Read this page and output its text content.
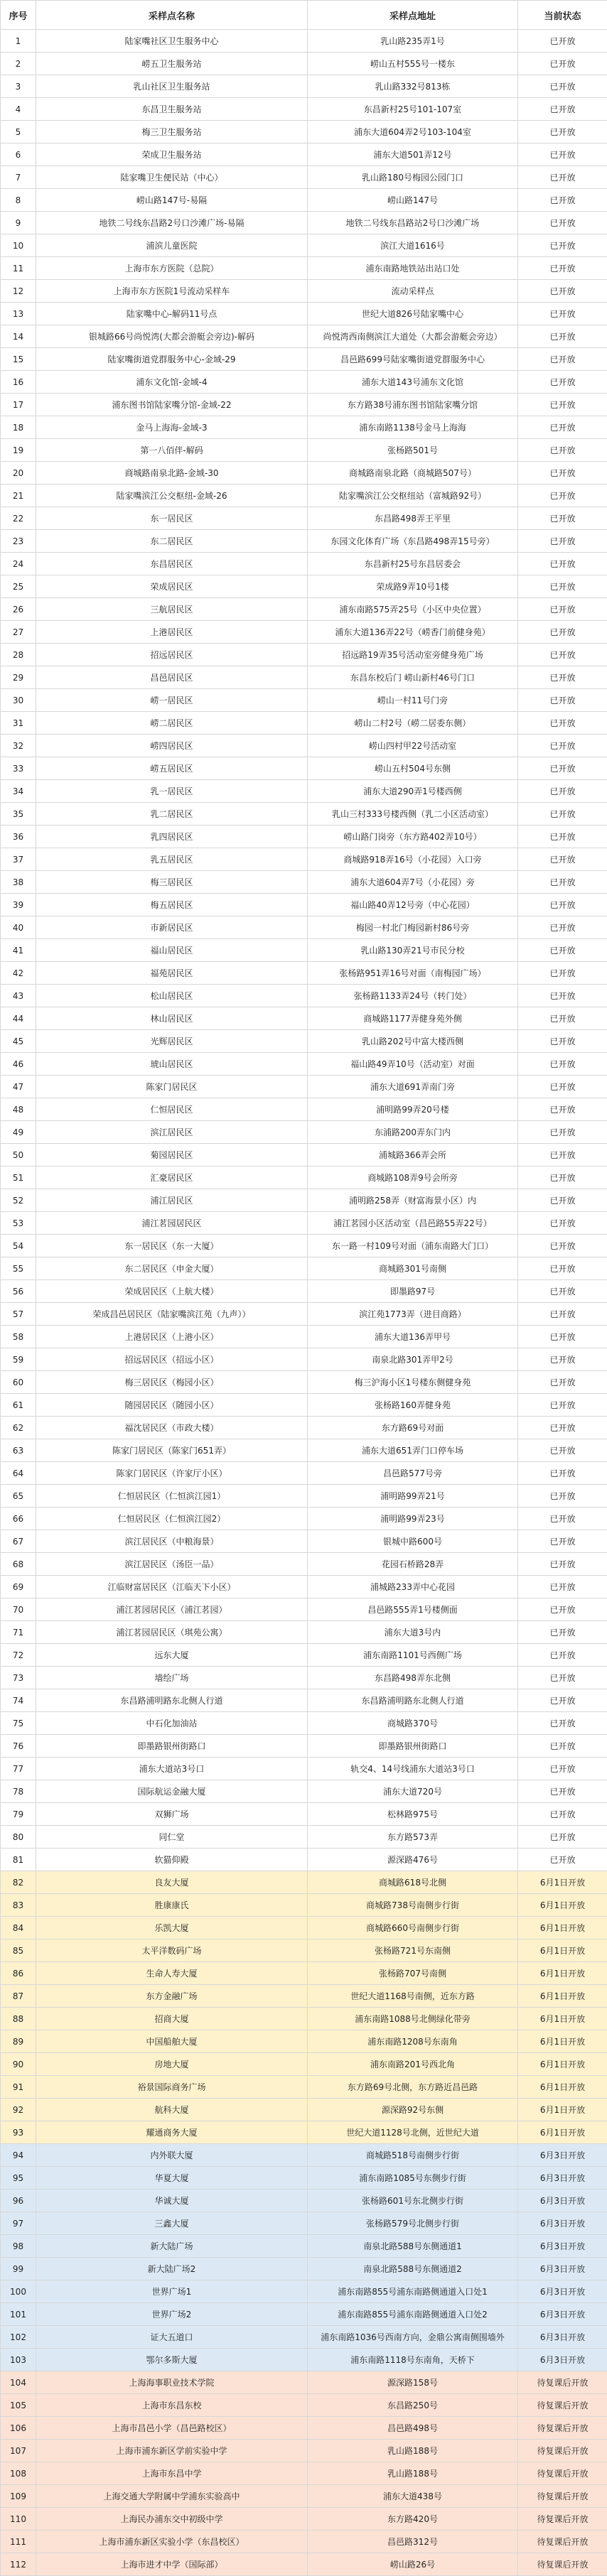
序号	采样点名称	采样点地址	当前状态
1	陆家嘴社区卫生服务中心	乳山路235弄1号	已开放
2	崂五卫生服务站	崂山五村555号一楼东	已开放
3	乳山社区卫生服务站	乳山路332号813栋	已开放
4	东昌卫生服务站	东昌新村25号101-107室	已开放
5	梅三卫生服务站	浦东大道604弄2号103-104室	已开放
6	荣成卫生服务站	浦东大道501弄12号	已开放
7	陆家嘴卫生便民站（中心）	乳山路180号梅园公园门口	已开放
8	崂山路147号-易隔	崂山路147号	已开放
9	地铁二号线东昌路2号口沙滩广场-易隔	地铁二号线东昌路站2号口沙滩广场	已开放
10	浦滨儿童医院	滨江大道1616号	已开放
11	上海市东方医院（总院）	浦东南路地铁站出站口处	已开放
12	上海市东方医院1号流动采样车	流动采样点	已开放
13	陆家嘴中心-解码11号点	世纪大道826号陆家嘴中心	已开放
14	银城路66号尚悦湾(大都会游艇会旁边)-解码	尚悦湾西南侧滨江大道处（大都会游艇会旁边）	已开放
15	陆家嘴街道党群服务中心-金域-29	昌邑路699号陆家嘴街道党群服务中心	已开放
16	浦东文化馆-金域-4	浦东大道143号浦东文化馆	已开放
17	浦东图书馆陆家嘴分馆-金域-22	东方路38号浦东图书馆陆家嘴分馆	已开放
18	金马上海海-金域-3	浦东南路1138号金马上海海	已开放
19	第一八佰伴-解码	张杨路501号	已开放
20	商城路南泉北路-金域-30	商城路南泉北路（商城路507号）	已开放
21	陆家嘴滨江公交枢纽-金域-26	陆家嘴滨江公交枢纽站（富城路92号）	已开放
22	东一居民区	东昌路498弄王平里	已开放
23	东二居民区	东园文化体育广场（东昌路498弄15号旁）	已开放
24	东昌居民区	东昌新村25号东昌居委会	已开放
25	荣成居民区	荣成路9弄10号1楼	已开放
26	三航居民区	浦东南路575弄25号（小区中央位置）	已开放
27	上港居民区	浦东大道136弄22号（崂香门前健身苑）	已开放
28	招远居民区	招远路19弄35号活动室旁健身苑广场	已开放
29	昌邑居民区	东昌东校后门 崂山新村46号门口	已开放
30	崂一居民区	崂山一村11号门旁	已开放
31	崂二居民区	崂山二村2号（崂二居委东侧）	已开放
32	崂四居民区	崂山四村甲22号活动室	已开放
33	崂五居民区	崂山五村504号东侧	已开放
34	乳一居民区	浦东大道290弄1号楼西侧	已开放
35	乳二居民区	乳山三村333号楼西侧（乳二小区活动室）	已开放
36	乳四居民区	崂山路门岗旁（东方路402弄10号）	已开放
37	乳五居民区	商城路918弄16号（小花园）入口旁	已开放
38	梅三居民区	浦东大道604弄7号（小花园）旁	已开放
39	梅五居民区	福山路40弄12号旁（中心花园）	已开放
40	市新居民区	梅园一村北门梅园新村86号旁	已开放
41	福山居民区	乳山路130弄21号市民分校	已开放
42	福苑居民区	张杨路951弄16号对面（南梅园广场）	已开放
43	松山居民区	张杨路1133弄24号（转门处）	已开放
44	林山居民区	商城路1177弄健身苑外侧	已开放
45	光辉居民区	乳山路202号中富大楼西侧	已开放
46	琥山居民区	福山路49弄10号（活动室）对面	已开放
47	陈家门居民区	浦东大道691弄南门旁	已开放
48	仁恒居民区	浦明路99弄20号楼	已开放
49	滨江居民区	东浦路200弄东门内	已开放
50	菊园居民区	浦城路366弄会所	已开放
51	汇豪居民区	商城路108弄9号会所旁	已开放
52	浦江居民区	浦明路258弄（财富海景小区）内	已开放
53	浦江茗园居民区	浦江茗园小区活动室（昌邑路55弄22号）	已开放
54	东一居民区（东一大厦）	东一路一村109号对面（浦东南路大门口）	已开放
55	东二居民区（申金大厦）	商城路301号南侧	已开放
56	荣成居民区（上航大楼）	即墨路97号	已开放
57	荣成昌邑居民区（陆家嘴滨江苑（九声））	滨江苑1773弄（进目商路）	已开放
58	上港居民区（上港小区）	浦东大道136弄甲号	已开放
59	招远居民区（招远小区）	南泉北路301弄甲2号	已开放
60	梅三居民区（梅园小区）	梅三沪海小区1号楼东侧健身苑	已开放
61	随园居民区（随园小区）	张杨路160弄健身苑	已开放
62	福沈居民区（市政大楼）	东方路69号对面	已开放
63	陈家门居民区（陈家门651弄）	浦东大道651弄门口停车场	已开放
64	陈家门居民区（许家厅小区）	昌邑路577号旁	已开放
65	仁恒居民区（仁恒滨江园1）	浦明路99弄21号	已开放
66	仁恒居民区（仁恒滨江园2）	浦明路99弄23号	已开放
67	滨江居民区（中粮海景）	银城中路600号	已开放
68	滨江居民区（汤臣一品）	花园石桥路28弄	已开放
69	江临财富居民区（江临天下小区）	浦城路233弄中心花园	已开放
70	浦江茗园居民区（浦江茗园）	昌邑路555弄1号楼侧面	已开放
71	浦江茗园居民区（琪苑公寓）	浦东大道3号内	已开放
72	远东大厦	浦东南路1101号西侧广场	已开放
73	墙绘广场	东昌路498弄东北侧	已开放
74	东昌路浦明路东北侧人行道	东昌路浦明路东北侧人行道	已开放
75	中石化加油站	商城路370号	已开放
76	即墨路银州街路口	即墨路银州街路口	已开放
77	浦东大道站3号口	轨交4、14号线浦东大道站3号口	已开放
78	国际航运金融大厦	浦东大道720号	已开放
79	双狮广场	松林路975号	已开放
80	同仁堂	东方路573弄	已开放
81	软猫仰殿	源深路476号	已开放
82	良友大厦	商城路618号北侧	6月1日开放
83	胜康康氏	商城路738号南侧步行街	6月1日开放
84	乐凯大厦	商城路660号南侧步行街	6月1日开放
85	太平洋数码广场	张杨路721号东南侧	6月1日开放
86	生命人寿大厦	张杨路707号南侧	6月1日开放
87	东方金融广场	世纪大道1168号南侧，近东方路	6月1日开放
88	招商大厦	浦东南路1088号北侧绿化带旁	6月1日开放
89	中国船舶大厦	浦东南路1208号东南角	6月1日开放
90	房地大厦	浦东南路201号西北角	6月1日开放
91	裕景国际商务广场	东方路69号北侧，东方路近昌邑路	6月1日开放
92	航科大厦	源深路92号东侧	6月1日开放
93	耀通商务大厦	世纪大道1128号北侧，近世纪大道	6月1日开放
94	内外联大厦	商城路518号南侧步行街	6月3日开放
95	华夏大厦	浦东南路1085号东侧步行街	6月3日开放
96	华诚大厦	张杨路601号东北侧步行街	6月3日开放
97	三鑫大厦	张杨路579号北侧步行街	6月3日开放
98	新大陆广场	南泉北路588号东侧通道1	6月3日开放
99	新大陆广场2	南泉北路588号东侧通道2	6月3日开放
100	世界广场1	浦东南路855号浦东南路侧通道入口处1	6月3日开放
101	世界广场2	浦东南路855号浦东南路侧通道入口处2	6月3日开放
102	证大五道口	浦东南路1036号西南方向，金鼎公寓南侧围墙外	6月3日开放
103	鄂尔多斯大厦	浦东南路1118号东南角，天桥下	6月3日开放
104	上海海事职业技术学院	源深路158号	待复课后开放
105	上海市东昌东校	东昌路250号	待复课后开放
106	上海市昌邑小学（昌邑路校区）	昌邑路498号	待复课后开放
107	上海市浦东新区学前实验中学	乳山路188号	待复课后开放
108	上海市东昌中学	乳山路188号	待复课后开放
109	上海交通大学附属中学浦东实验高中	浦东大道438号	待复课后开放
110	上海民办浦东交中初级中学	东方路420号	待复课后开放
111	上海市浦东新区实验小学（东昌校区）	昌邑路312号	待复课后开放
112	上海市进才中学（国际部）	崂山路26号	待复课后开放
